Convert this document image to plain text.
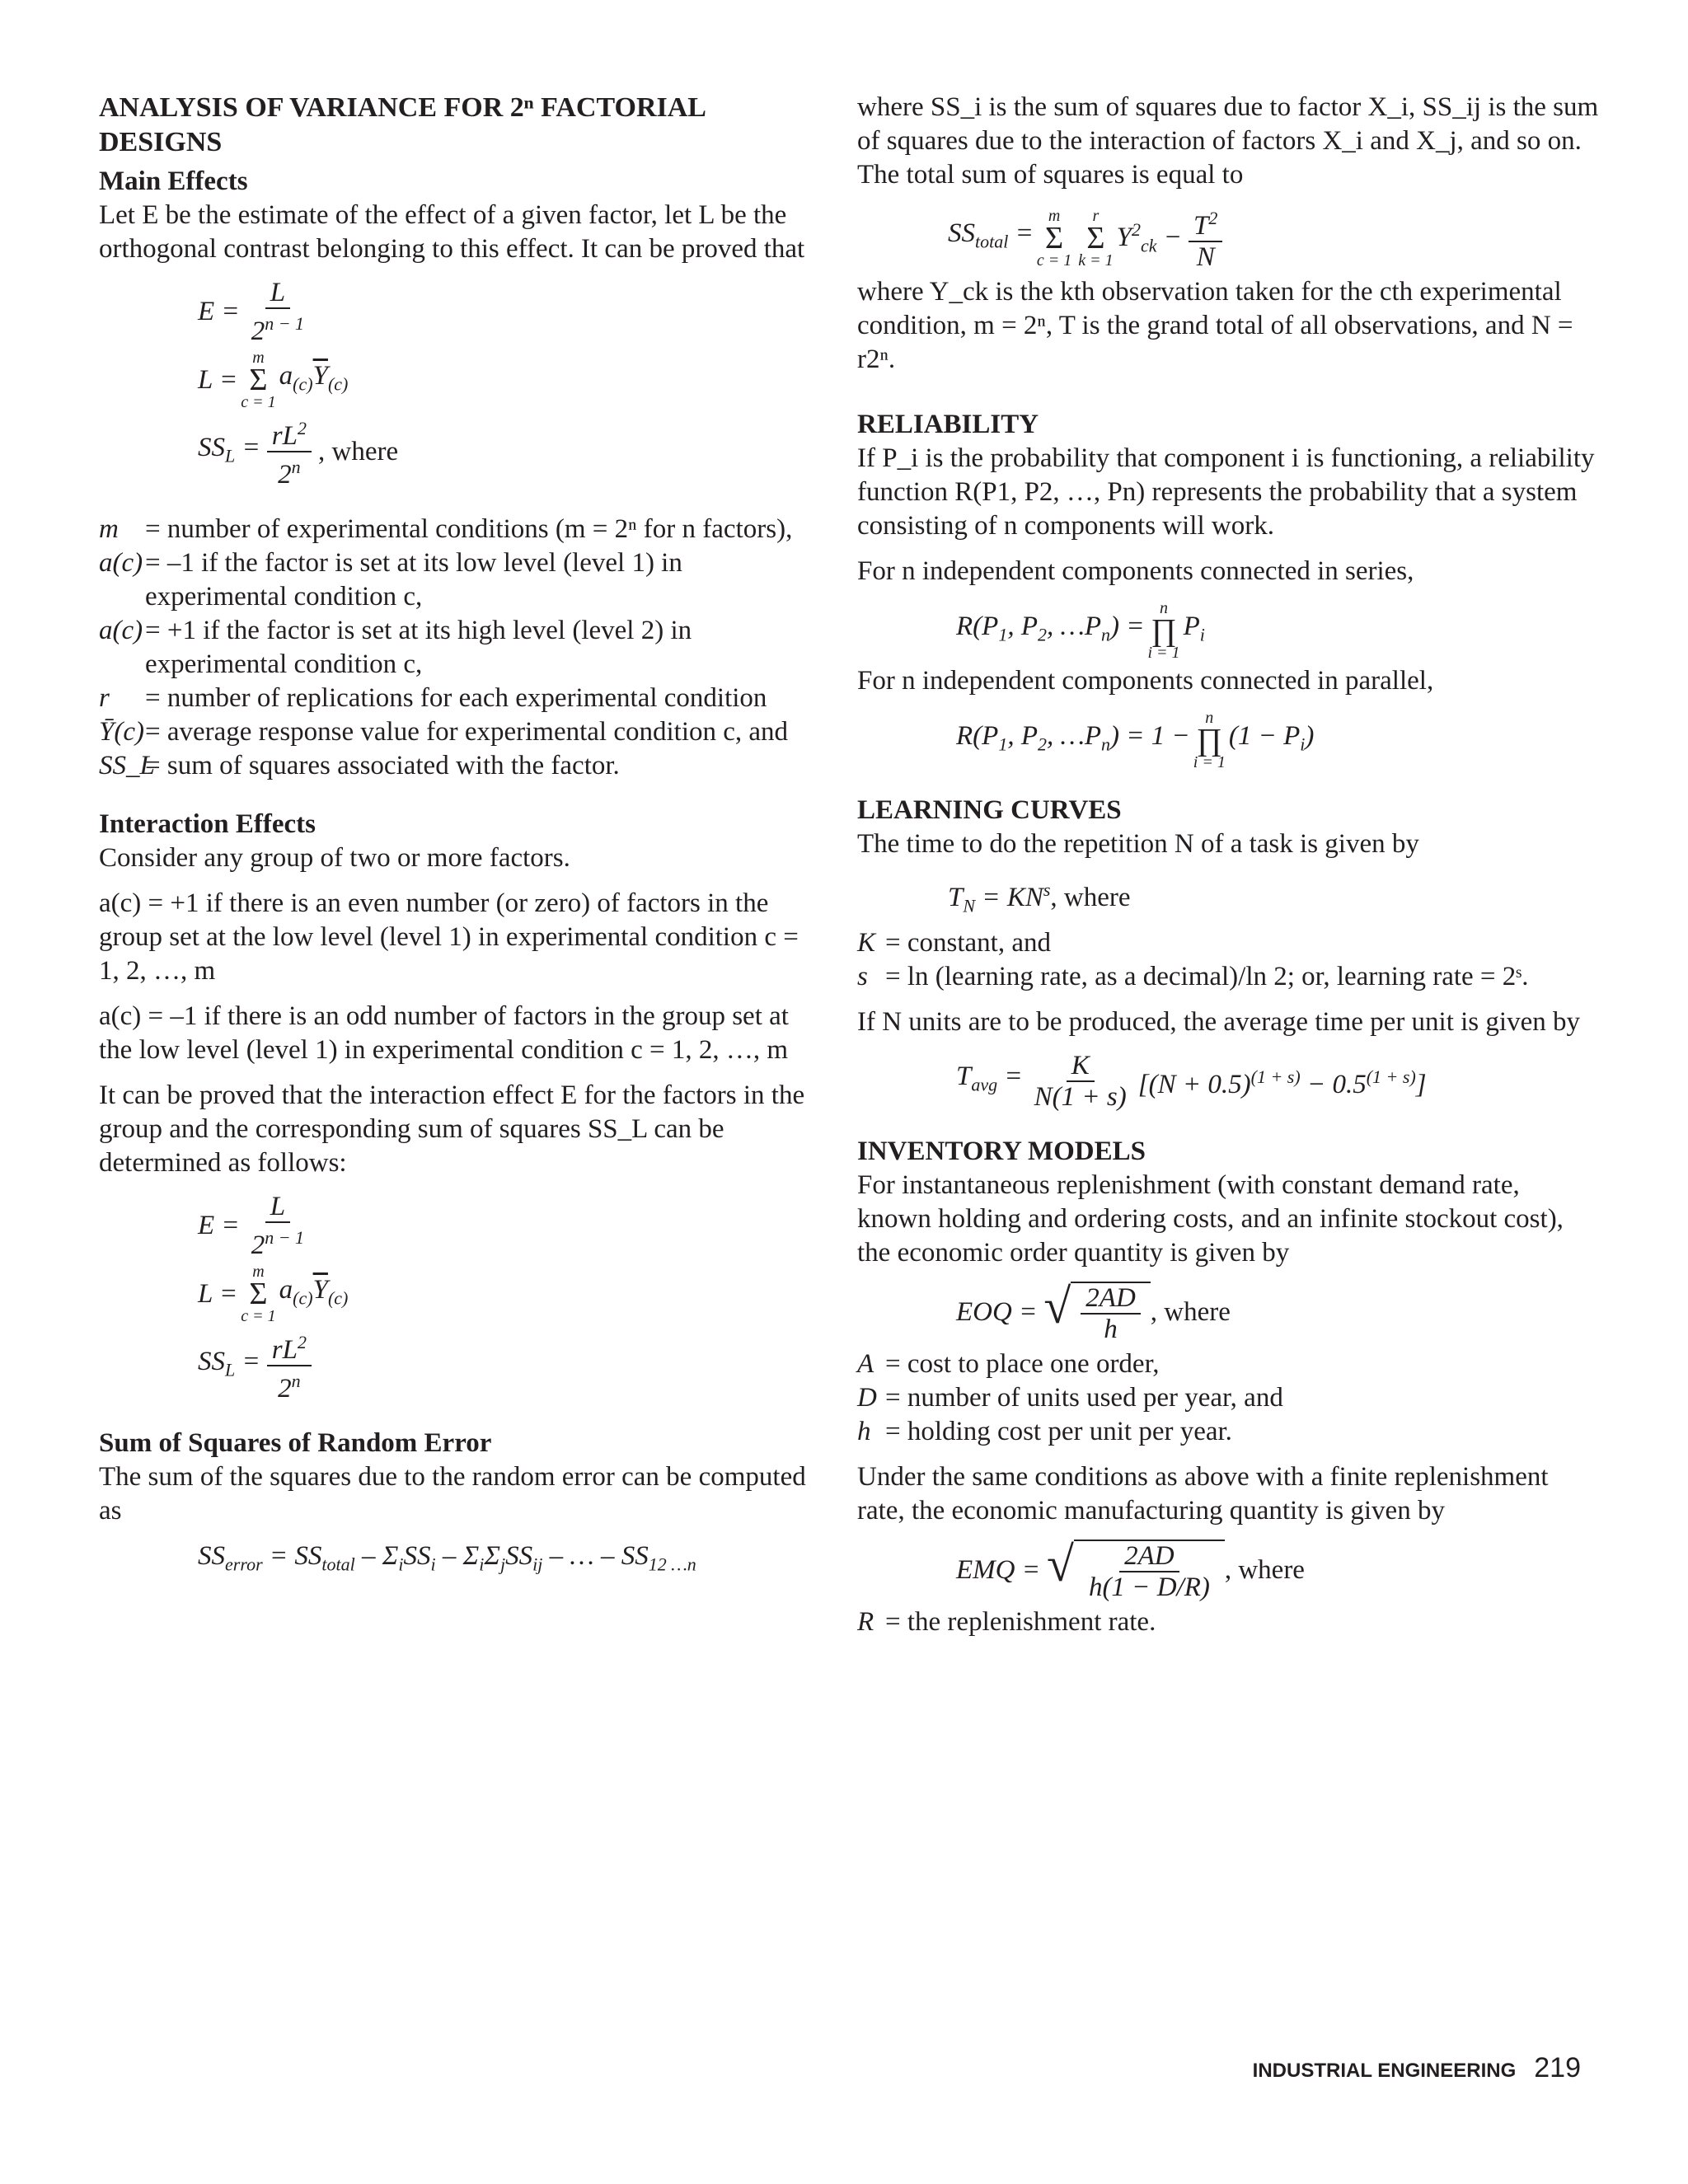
ANALYSIS OF VARIANCE FOR 2ⁿ FACTORIAL DESIGNS
Main Effects

Let E be the estimate of the effect of a given factor, let L be the orthogonal contrast belonging to this effect. It can be proved that

$E = \frac{L}{2^{n - 1}}$
L =
m
Σ
c = 1
$a_{(c)}\overline{Y}_{(c)}$
$SS_L = \frac{rL^2}{2^n}$ , where
m = number of experimental conditions (m = 2ⁿ for n factors),
a(c) = –1 if the factor is set at its low level (level 1) in experimental condition c,
a(c) = +1 if the factor is set at its high level (level 2) in experimental condition c,
r	= number of replications for each experimental condition
Ȳ(c) = average response value for experimental condition c, and
SS_L
= sum of squares associated with the factor.
Interaction Effects

Consider any group of two or more factors.

a(c) = +1 if there is an even number (or zero) of factors in the group set at the low level (level 1) in experimental condition c = 1, 2, …, m

a(c) = –1 if there is an odd number of factors in the group set at the low level (level 1) in experimental condition c = 1, 2, …, m

It can be proved that the interaction effect E for the factors in the group and the corresponding sum of squares SS_L can be determined as follows:

$E = \frac{L}{2^{n - 1}}$
L =
m
Σ
c = 1
$a_{(c)}\overline{Y}_{(c)}$
$SS_L = \frac{rL^2}{2^n}$
Sum of Squares of Random Error

The sum of the squares due to the random error can be computed as

$SS_{error} = SS_{total} - \Sigma_iSS_i - \Sigma_i\Sigma_jSS_{ij}$ – … – $SS_{12 \dots n}$

where SS_i is the sum of squares due to factor X_i, SS_ij is the sum of squares due to the interaction of factors X_i and X_j, and so on. The total sum of squares is equal to

$SS_{total}$ =
m
Σ
c = 1
r
Σ
k = 1
$Y^2_{ck} - \frac{T^2}{N}$

where Y_ck is the kth observation taken for the cth experimental condition, m = 2ⁿ, T is the grand total of all observations, and N = r2ⁿ.

RELIABILITY

If P_i is the probability that component i is functioning, a reliability function R(P1, P2, …, Pn) represents the probability that a system consisting of n components will work.

For n independent components connected in series,

$R(P_1$, $P_2$, $\dots P_n$) =
n
∏
i = 1
$P_i$

For n independent components connected in parallel,

$R(P_1$, $P_2$, $\dots P_n) = 1$ −
n
∏
i = 1
$(1 - P_i)$
LEARNING CURVES

The time to do the repetition N of a task is given by

$T_N = KN^s$ , where
K = constant, and
s = ln (learning rate, as a decimal)/ln 2; or, learning rate = 2ˢ.

If N units are to be produced, the average time per unit is given by

$T_{avg} = \frac{K}{N(1 + s)} [(N + 0.5)^{(1 + s)} - 0.5^{(1 + s)}]$
INVENTORY MODELS

For instantaneous replenishment (with constant demand rate, known holding and ordering costs, and an infinite stockout cost), the economic order quantity is given by

EOQ = √ $\frac{2AD}{h}$ , where
A = cost to place one order,
D = number of units used per year, and
h = holding cost per unit per year.

Under the same conditions as above with a finite replenishment rate, the economic manufacturing quantity is given by

EMQ = √ $\frac{2AD}{h(1 - D/R)}$ , where
R = the replenishment rate.
INDUSTRIAL ENGINEERING 219
